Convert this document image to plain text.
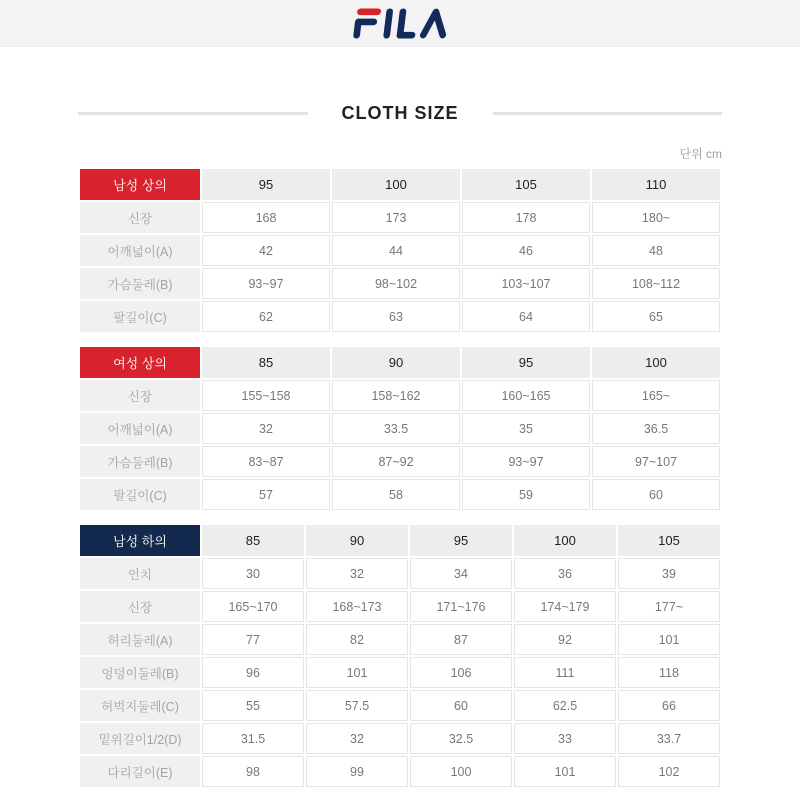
CLOTH SIZE
단위 cm
남성 상의	95	100	105	110
신장	168	173	178	180~
어깨넓이(A)	42	44	46	48
가슴둘레(B)	93~97	98~102	103~107	108~112
팔길이(C)	62	63	64	65
여성 상의	85	90	95	100
신장	155~158	158~162	160~165	165~
어깨넓이(A)	32	33.5	35	36.5
가슴둘레(B)	83~87	87~92	93~97	97~107
팔길이(C)	57	58	59	60
남성 하의	85	90	95	100	105
인치	30	32	34	36	39
신장	165~170	168~173	171~176	174~179	177~
허리둘레(A)	77	82	87	92	101
엉덩이둘레(B)	96	101	106	111	118
허벅지둘레(C)	55	57.5	60	62.5	66
밑위길이1/2(D)	31.5	32	32.5	33	33.7
다리길이(E)	98	99	100	101	102
